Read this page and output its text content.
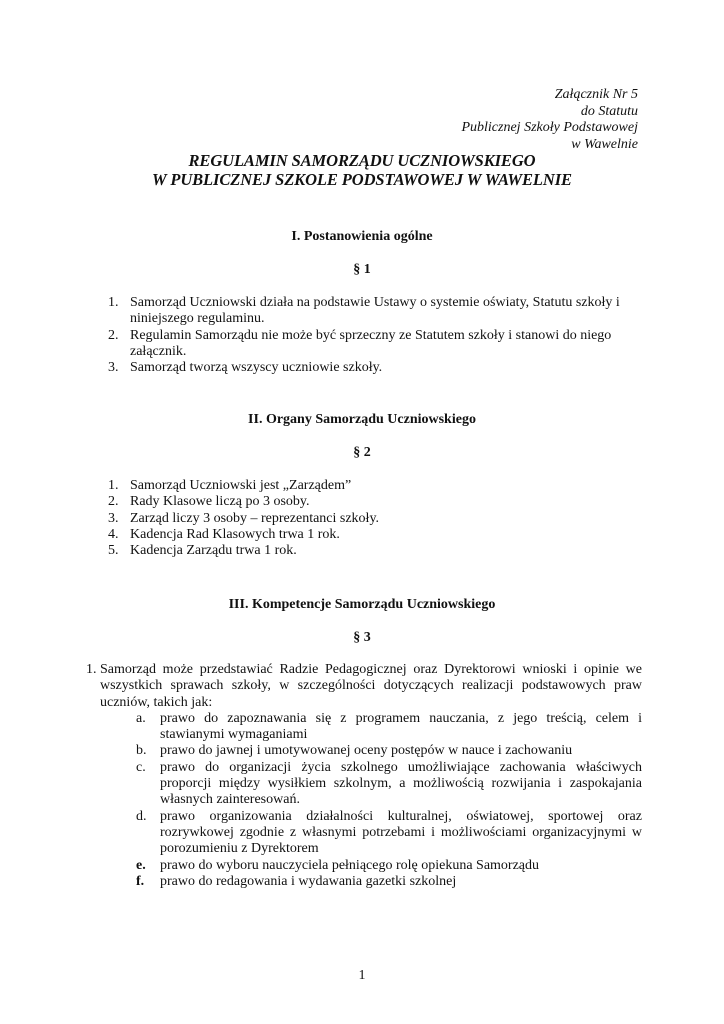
Załącznik Nr 5
do Statutu
Publicznej Szkoły Podstawowej
w Wawelnie
REGULAMIN SAMORZĄDU UCZNIOWSKIEGO
W PUBLICZNEJ SZKOLE PODSTAWOWEJ W WAWELNIE
I. Postanowienia ogólne
§ 1
1. Samorząd Uczniowski działa na podstawie Ustawy o systemie oświaty, Statutu szkoły i niniejszego regulaminu.
2. Regulamin Samorządu nie może być sprzeczny ze Statutem szkoły i stanowi do niego załącznik.
3. Samorząd tworzą wszyscy uczniowie szkoły.
II. Organy Samorządu Uczniowskiego
§ 2
1. Samorząd Uczniowski jest „Zarządem”
2. Rady Klasowe liczą po 3 osoby.
3. Zarząd liczy 3 osoby – reprezentanci szkoły.
4. Kadencja Rad Klasowych trwa 1 rok.
5. Kadencja Zarządu trwa 1 rok.
III. Kompetencje Samorządu Uczniowskiego
§ 3
1. Samorząd może przedstawiać Radzie Pedagogicznej oraz Dyrektorowi wnioski i opinie we wszystkich sprawach szkoły, w szczególności dotyczących realizacji podstawowych praw uczniów, takich jak:
a. prawo do zapoznawania się z programem nauczania, z jego treścią, celem i stawianymi wymaganiami
b. prawo do jawnej i umotywowanej oceny postępów w nauce i zachowaniu
c. prawo do organizacji życia szkolnego umożliwiające zachowania właściwych proporcji między wysiłkiem szkolnym, a możliwością rozwijania i zaspokajania własnych zainteresowań.
d. prawo organizowania działalności kulturalnej, oświatowej, sportowej oraz rozrywkowej zgodnie z własnymi potrzebami i możliwościami organizacyjnymi w porozumieniu z Dyrektorem
e. prawo do wyboru nauczyciela pełniącego rolę opiekuna Samorządu
f. prawo do redagowania i wydawania gazetki szkolnej
1
